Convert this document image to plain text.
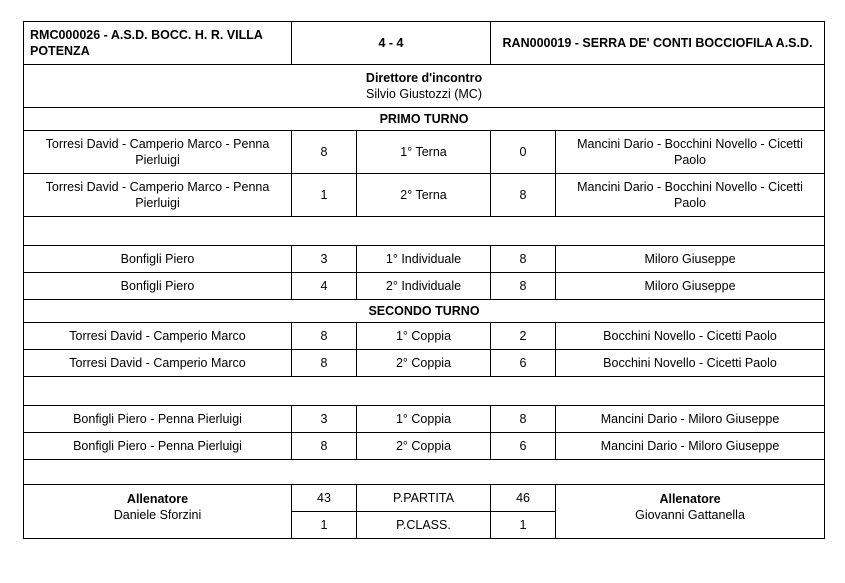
RMC000026 - A.S.D. BOCC. H. R. VILLA POTENZA	4 - 4		RAN000019 - SERRA DE' CONTI BOCCIOFILA A.S.D.	

Direttore d'incontro
Silvio Giustozzi (MC)				

PRIMO TURNO				
Torresi David - Camperio Marco - Penna Pierluigi	8	1° Terna	0	Mancini Dario - Bocchini Novello - Cicetti Paolo
Torresi David - Camperio Marco - Penna Pierluigi	1	2° Terna	8	Mancini Dario - Bocchini Novello - Cicetti Paolo

Bonfigli Piero	3	1° Individuale	8	Miloro Giuseppe
Bonfigli Piero	4	2° Individuale	8	Miloro Giuseppe
SECONDO TURNO				
Torresi David - Camperio Marco	8	1° Coppia	2	Bocchini Novello - Cicetti Paolo
Torresi David - Camperio Marco	8	2° Coppia	6	Bocchini Novello - Cicetti Paolo

Bonfigli Piero - Penna Pierluigi	3	1° Coppia	8	Mancini Dario - Miloro Giuseppe
Bonfigli Piero - Penna Pierluigi	8	2° Coppia	6	Mancini Dario - Miloro Giuseppe

Allenatore
Daniele Sforzini	43	P.PARTITA	46	Allenatore
Giovanni Gattanella

	1	P.CLASS.	1	
